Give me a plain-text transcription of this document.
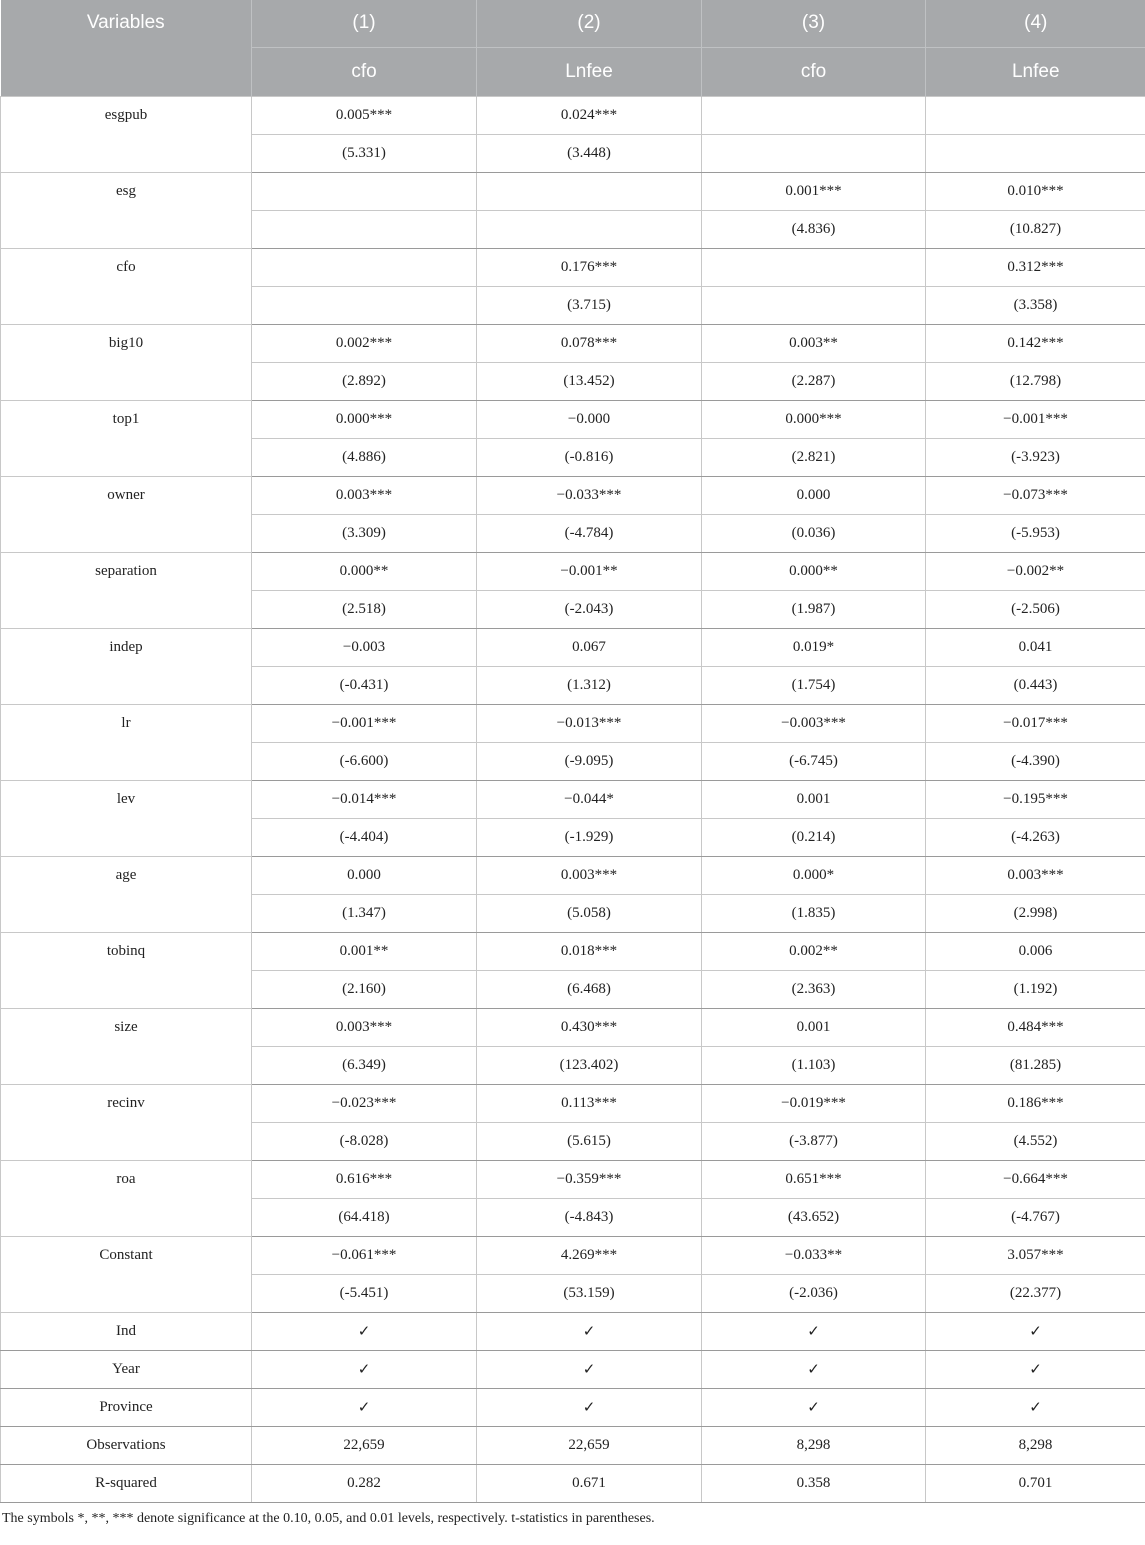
Variables	(1)	(2)	(3)	(4)
	cfo	Lnfee	cfo	Lnfee
esgpub	0.005***	0.024***		
	(5.331)	(3.448)		
esg			0.001***	0.010***
			(4.836)	(10.827)
cfo		0.176***		0.312***
		(3.715)		(3.358)
big10	0.002***	0.078***	0.003**	0.142***
	(2.892)	(13.452)	(2.287)	(12.798)
top1	0.000***	−0.000	0.000***	−0.001***
	(4.886)	(-0.816)	(2.821)	(-3.923)
owner	0.003***	−0.033***	0.000	−0.073***
	(3.309)	(-4.784)	(0.036)	(-5.953)
separation	0.000**	−0.001**	0.000**	−0.002**
	(2.518)	(-2.043)	(1.987)	(-2.506)
indep	−0.003	0.067	0.019*	0.041
	(-0.431)	(1.312)	(1.754)	(0.443)
lr	−0.001***	−0.013***	−0.003***	−0.017***
	(-6.600)	(-9.095)	(-6.745)	(-4.390)
lev	−0.014***	−0.044*	0.001	−0.195***
	(-4.404)	(-1.929)	(0.214)	(-4.263)
age	0.000	0.003***	0.000*	0.003***
	(1.347)	(5.058)	(1.835)	(2.998)
tobinq	0.001**	0.018***	0.002**	0.006
	(2.160)	(6.468)	(2.363)	(1.192)
size	0.003***	0.430***	0.001	0.484***
	(6.349)	(123.402)	(1.103)	(81.285)
recinv	−0.023***	0.113***	−0.019***	0.186***
	(-8.028)	(5.615)	(-3.877)	(4.552)
roa	0.616***	−0.359***	0.651***	−0.664***
	(64.418)	(-4.843)	(43.652)	(-4.767)
Constant	−0.061***	4.269***	−0.033**	3.057***
	(-5.451)	(53.159)	(-2.036)	(22.377)
Ind	✓	✓	✓	✓
Year	✓	✓	✓	✓
Province	✓	✓	✓	✓
Observations	22,659	22,659	8,298	8,298
R-squared	0.282	0.671	0.358	0.701
The symbols *, **, *** denote significance at the 0.10, 0.05, and 0.01 levels, respectively. t-statistics in parentheses.
